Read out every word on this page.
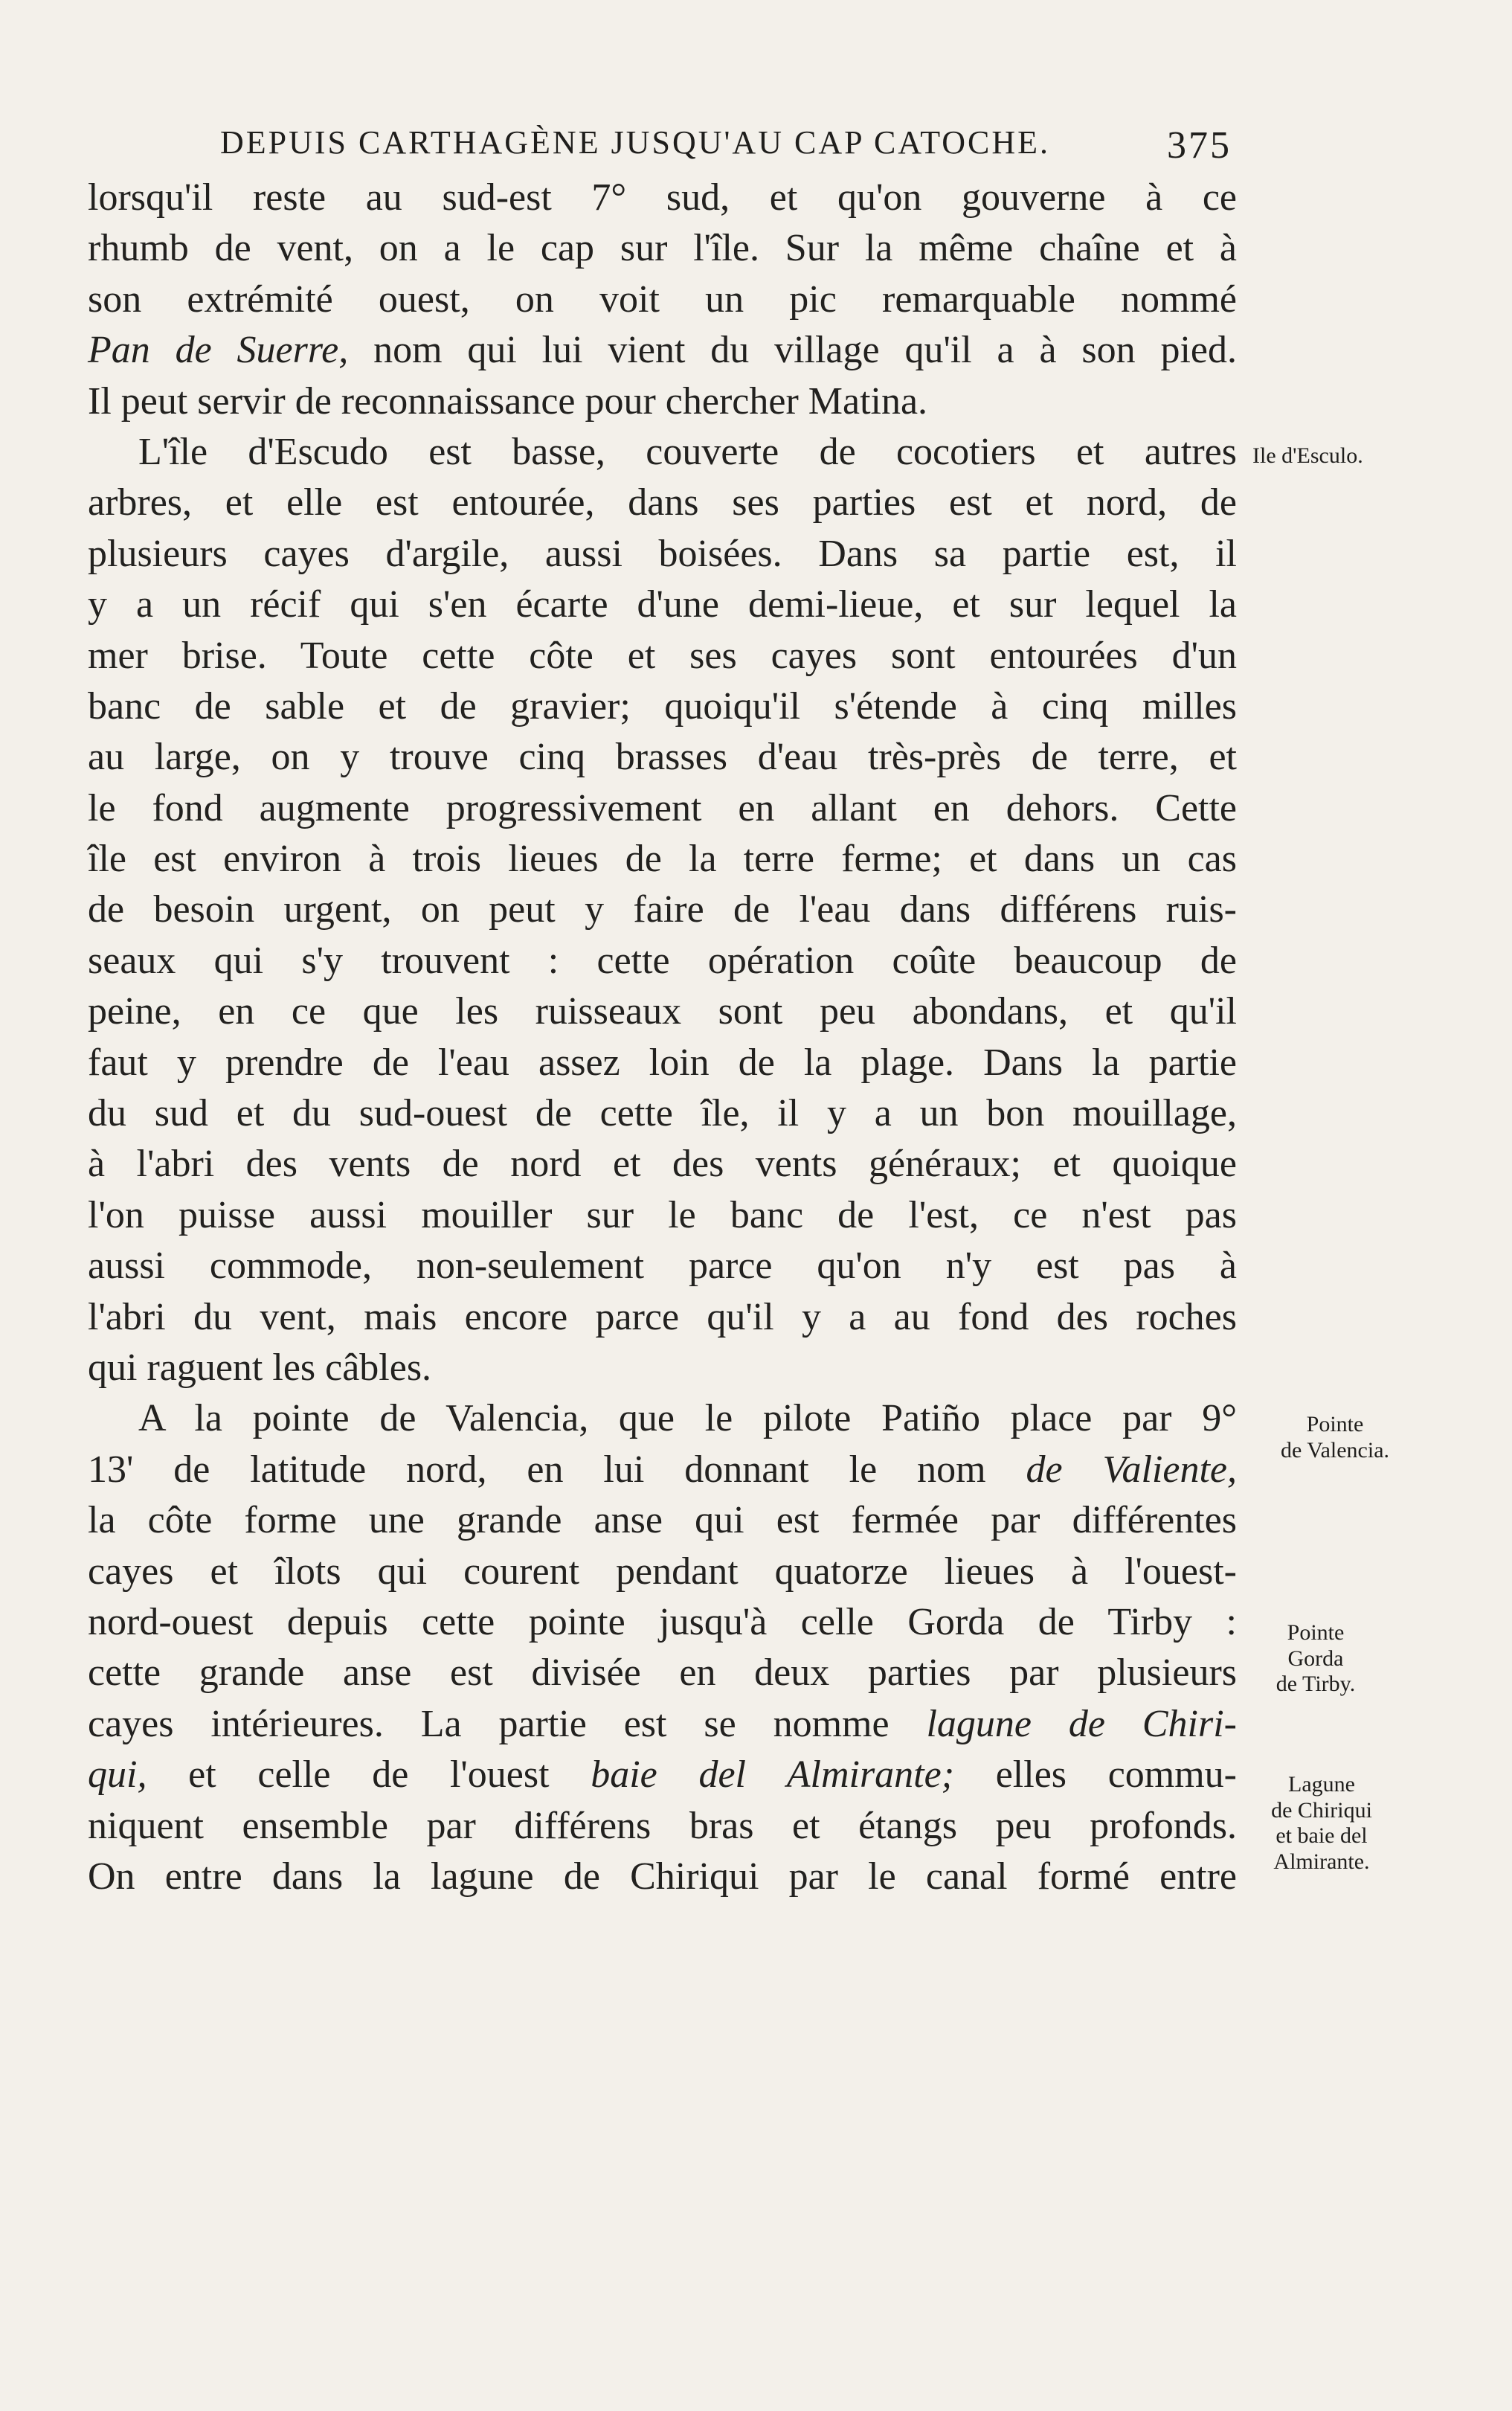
DEPUIS CARTHAGÈNE JUSQU'AU CAP CATOCHE.	375
lorsqu'il reste au sud-est 7° sud, et qu'on gouverne à ce
rhumb de vent, on a le cap sur l'île. Sur la même chaîne et à
son extrémité ouest, on voit un pic remarquable nommé
Pan de Suerre, nom qui lui vient du village qu'il a à son pied.
Il peut servir de reconnaissance pour chercher Matina.
L'île d'Escudo est basse, couverte de cocotiers et autres
arbres, et elle est entourée, dans ses parties est et nord, de
plusieurs cayes d'argile, aussi boisées. Dans sa partie est, il
y a un récif qui s'en écarte d'une demi-lieue, et sur lequel la
mer brise. Toute cette côte et ses cayes sont entourées d'un
banc de sable et de gravier; quoiqu'il s'étende à cinq milles
au large, on y trouve cinq brasses d'eau très-près de terre, et
le fond augmente progressivement en allant en dehors. Cette
île est environ à trois lieues de la terre ferme; et dans un cas
de besoin urgent, on peut y faire de l'eau dans différens ruis-
seaux qui s'y trouvent : cette opération coûte beaucoup de
peine, en ce que les ruisseaux sont peu abondans, et qu'il
faut y prendre de l'eau assez loin de la plage. Dans la partie
du sud et du sud-ouest de cette île, il y a un bon mouillage,
à l'abri des vents de nord et des vents généraux; et quoique
l'on puisse aussi mouiller sur le banc de l'est, ce n'est pas
aussi commode, non-seulement parce qu'on n'y est pas à
l'abri du vent, mais encore parce qu'il y a au fond des roches
qui raguent les câbles.
A la pointe de Valencia, que le pilote Patiño place par 9°
13' de latitude nord, en lui donnant le nom de Valiente,
la côte forme une grande anse qui est fermée par différentes
cayes et îlots qui courent pendant quatorze lieues à l'ouest-
nord-ouest depuis cette pointe jusqu'à celle Gorda de Tirby :
cette grande anse est divisée en deux parties par plusieurs
cayes intérieures. La partie est se nomme lagune de Chiri-
qui, et celle de l'ouest baie del Almirante; elles commu-
niquent ensemble par différens bras et étangs peu profonds.
On entre dans la lagune de Chiriqui par le canal formé entre
Ile d'Esculo.
Pointe
de Valencia.
Pointe
Gorda
de Tirby.
Lagune
de Chiriqui
et baie del
Almirante.
